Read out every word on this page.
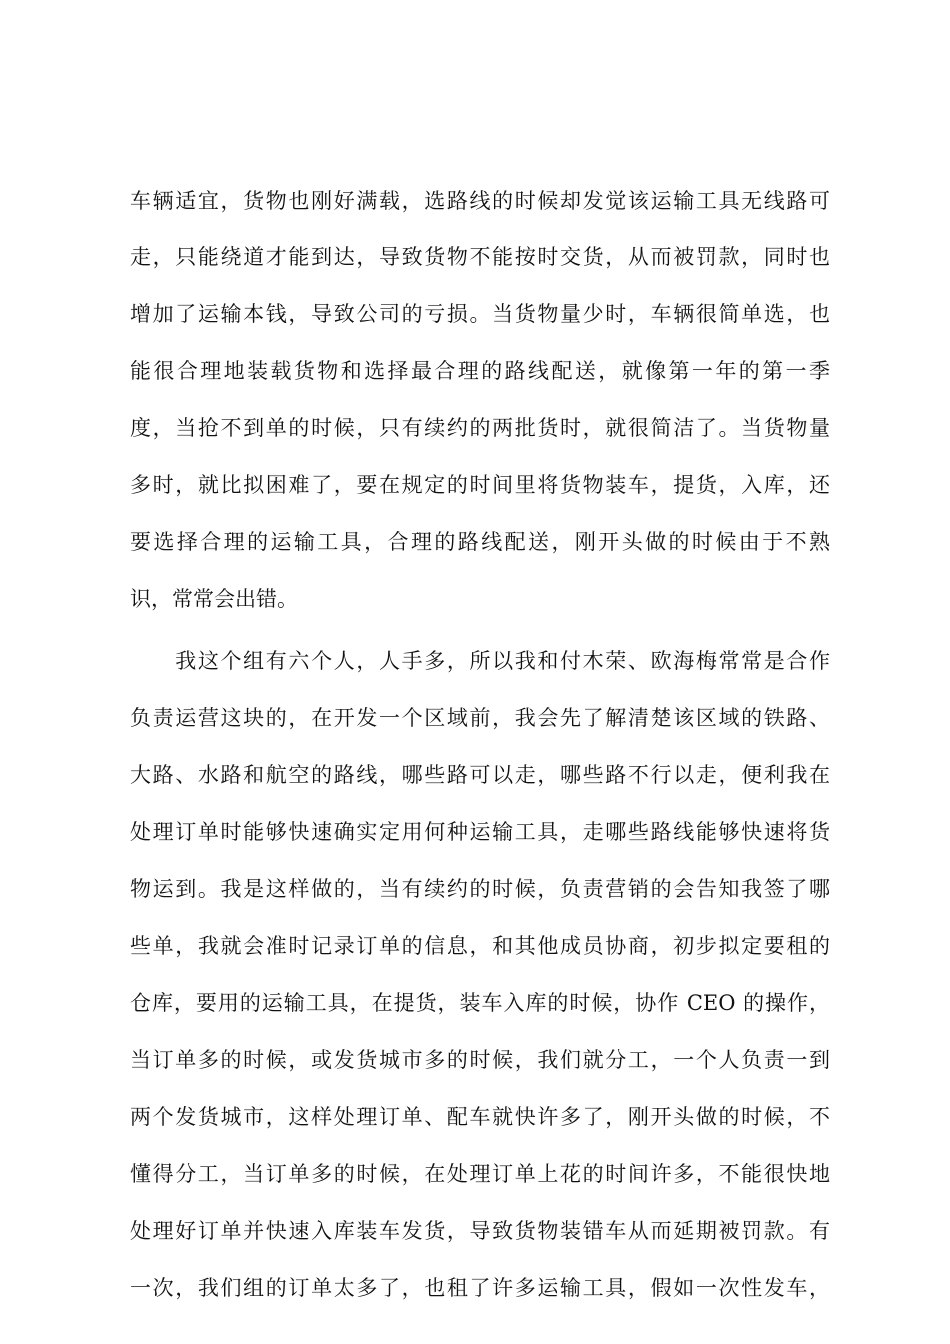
车辆适宜，货物也刚好满载，选路线的时候却发觉该运输工具无线路可
走，只能绕道才能到达，导致货物不能按时交货，从而被罚款，同时也
增加了运输本钱，导致公司的亏损。当货物量少时，车辆很简单选，也
能很合理地装载货物和选择最合理的路线配送，就像第一年的第一季
度，当抢不到单的时候，只有续约的两批货时，就很简洁了。当货物量
多时，就比拟困难了，要在规定的时间里将货物装车，提货，入库，还
要选择合理的运输工具，合理的路线配送，刚开头做的时候由于不熟
识，常常会出错。
　　我这个组有六个人，人手多，所以我和付木荣、欧海梅常常是合作
负责运营这块的，在开发一个区域前，我会先了解清楚该区域的铁路、
大路、水路和航空的路线，哪些路可以走，哪些路不行以走，便利我在
处理订单时能够快速确实定用何种运输工具，走哪些路线能够快速将货
物运到。我是这样做的，当有续约的时候，负责营销的会告知我签了哪
些单，我就会准时记录订单的信息，和其他成员协商，初步拟定要租的
仓库，要用的运输工具，在提货，装车入库的时候，协作 CEO 的操作，
当订单多的时候，或发货城市多的时候，我们就分工，一个人负责一到
两个发货城市，这样处理订单、配车就快许多了，刚开头做的时候，不
懂得分工，当订单多的时候，在处理订单上花的时间许多，不能很快地
处理好订单并快速入库装车发货，导致货物装错车从而延期被罚款。有
一次，我们组的订单太多了，也租了许多运输工具，假如一次性发车，
